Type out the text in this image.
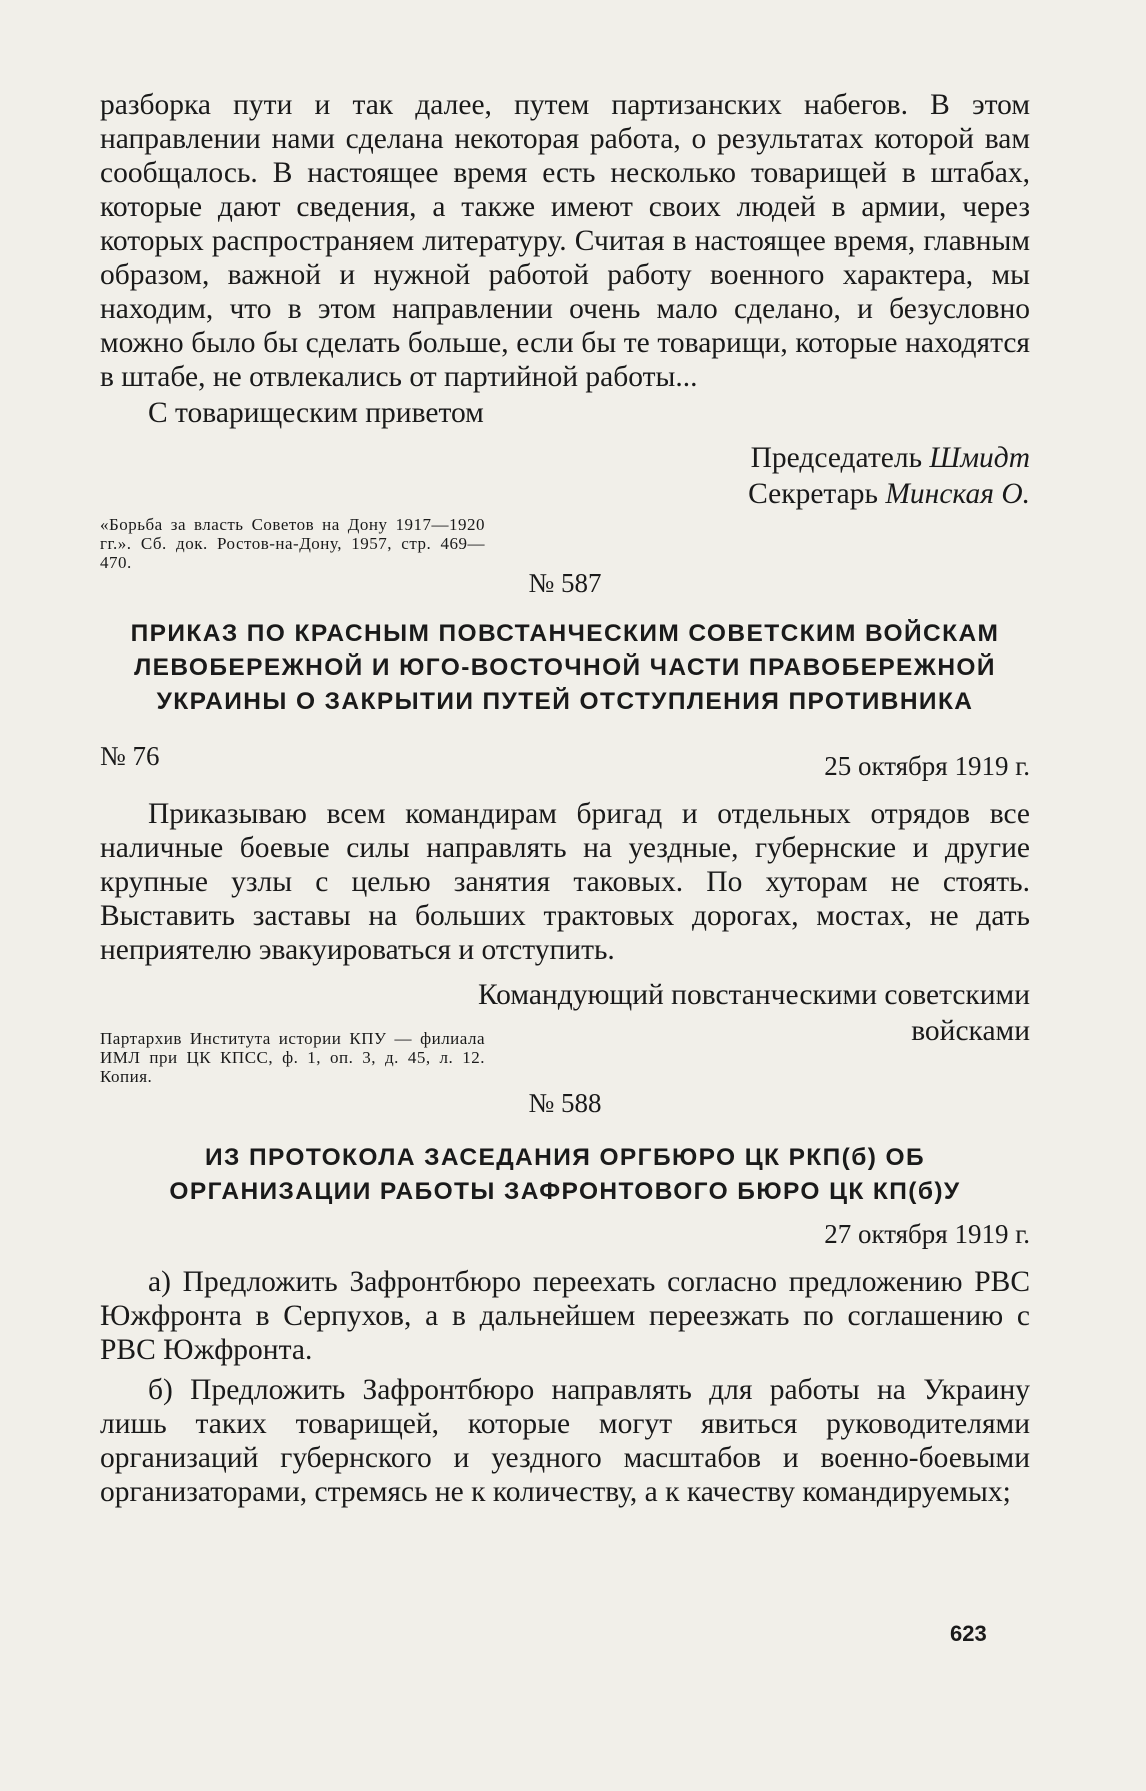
разборка пути и так далее, путем партизанских набегов. В этом направлении нами сделана некоторая работа, о результатах которой вам сообщалось. В настоящее время есть несколько товарищей в штабах, которые дают сведения, а также имеют своих людей в армии, через которых распространяем литературу. Считая в настоящее время, главным образом, важной и нужной работой работу военного характера, мы находим, что в этом направлении очень мало сделано, и безусловно можно было бы сделать больше, если бы те товарищи, которые находятся в штабе, не отвлекались от партийной работы...

С товарищеским приветом

Председатель Шмидт

Секретарь Минская О.

«Борьба за власть Советов на Дону 1917—1920 гг.». Сб. док. Ростов-на-Дону, 1957, стр. 469—470.

№ 587

ПРИКАЗ ПО КРАСНЫМ ПОВСТАНЧЕСКИМ СОВЕТСКИМ ВОЙСКАМ ЛЕВОБЕРЕЖНОЙ И ЮГО-ВОСТОЧНОЙ ЧАСТИ ПРАВОБЕРЕЖНОЙ УКРАИНЫ О ЗАКРЫТИИ ПУТЕЙ ОТСТУПЛЕНИЯ ПРОТИВНИКА

№ 76	25 октября 1919 г.

Приказываю всем командирам бригад и отдельных отрядов все наличные боевые силы направлять на уездные, губернские и другие крупные узлы с целью занятия таковых. По хуторам не стоять. Выставить заставы на больших трактовых дорогах, мостах, не дать неприятелю эвакуироваться и отступить.

Командующий повстанческими советскими

войсками

Партархив Института истории КПУ — филиала ИМЛ при ЦК КПСС, ф. 1, оп. 3, д. 45, л. 12. Копия.

№ 588

ИЗ ПРОТОКОЛА ЗАСЕДАНИЯ ОРГБЮРО ЦК РКП(б) ОБ ОРГАНИЗАЦИИ РАБОТЫ ЗАФРОНТОВОГО БЮРО ЦК КП(б)У

27 октября 1919 г.

а) Предложить Зафронтбюро переехать согласно предложению РВС Южфронта в Серпухов, а в дальнейшем переезжать по соглашению с РВС Южфронта.

б) Предложить Зафронтбюро направлять для работы на Украину лишь таких товарищей, которые могут явиться руководителями организаций губернского и уездного масштабов и военно-боевыми организаторами, стремясь не к количеству, а к качеству командируемых;

623
